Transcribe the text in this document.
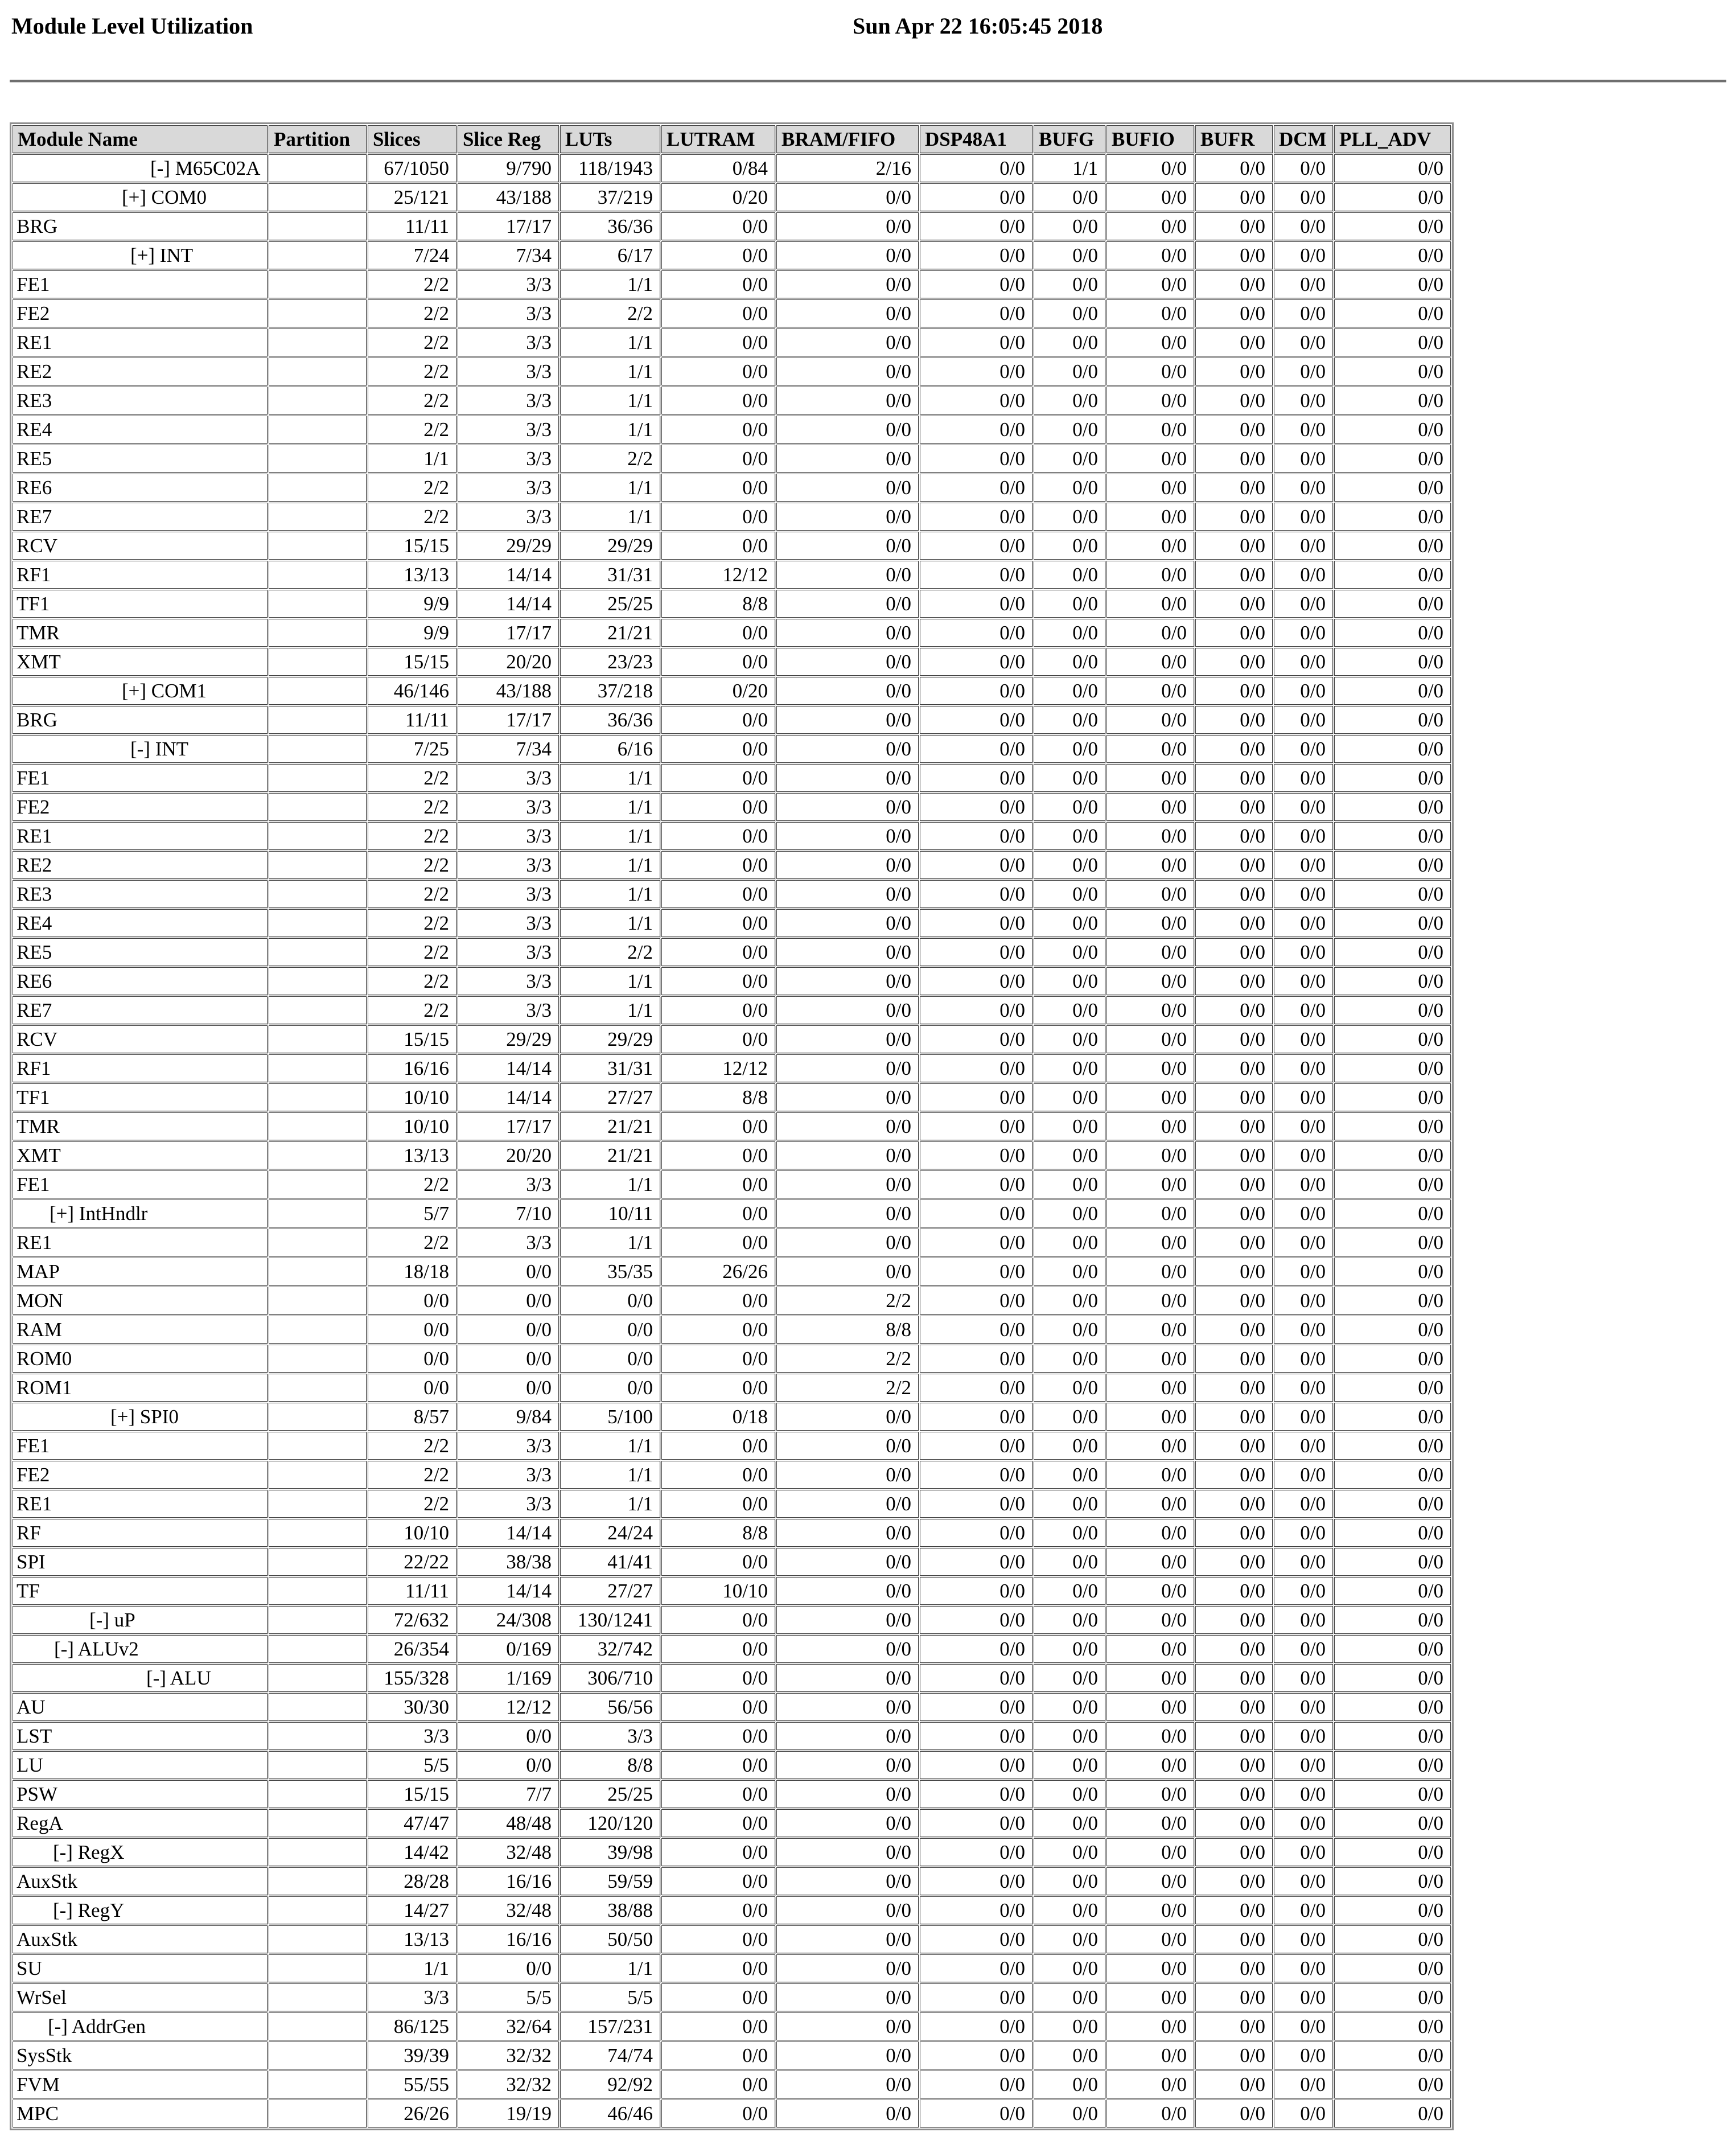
Module Level Utilization	Sun Apr 22 16:05:45 2018
Module Name	Partition	Slices	Slice Reg	LUTs	LUTRAM	BRAM/FIFO	DSP48A1	BUFG	BUFIO	BUFR	DCM	PLL_ADV
[-] M65C02A		67/1050	9/790	118/1943	0/84	2/16	0/0	1/1	0/0	0/0	0/0	0/0
[+] COM0		25/121	43/188	37/219	0/20	0/0	0/0	0/0	0/0	0/0	0/0	0/0
BRG		11/11	17/17	36/36	0/0	0/0	0/0	0/0	0/0	0/0	0/0	0/0
[+] INT		7/24	7/34	6/17	0/0	0/0	0/0	0/0	0/0	0/0	0/0	0/0
FE1		2/2	3/3	1/1	0/0	0/0	0/0	0/0	0/0	0/0	0/0	0/0
FE2		2/2	3/3	2/2	0/0	0/0	0/0	0/0	0/0	0/0	0/0	0/0
RE1		2/2	3/3	1/1	0/0	0/0	0/0	0/0	0/0	0/0	0/0	0/0
RE2		2/2	3/3	1/1	0/0	0/0	0/0	0/0	0/0	0/0	0/0	0/0
RE3		2/2	3/3	1/1	0/0	0/0	0/0	0/0	0/0	0/0	0/0	0/0
RE4		2/2	3/3	1/1	0/0	0/0	0/0	0/0	0/0	0/0	0/0	0/0
RE5		1/1	3/3	2/2	0/0	0/0	0/0	0/0	0/0	0/0	0/0	0/0
RE6		2/2	3/3	1/1	0/0	0/0	0/0	0/0	0/0	0/0	0/0	0/0
RE7		2/2	3/3	1/1	0/0	0/0	0/0	0/0	0/0	0/0	0/0	0/0
RCV		15/15	29/29	29/29	0/0	0/0	0/0	0/0	0/0	0/0	0/0	0/0
RF1		13/13	14/14	31/31	12/12	0/0	0/0	0/0	0/0	0/0	0/0	0/0
TF1		9/9	14/14	25/25	8/8	0/0	0/0	0/0	0/0	0/0	0/0	0/0
TMR		9/9	17/17	21/21	0/0	0/0	0/0	0/0	0/0	0/0	0/0	0/0
XMT		15/15	20/20	23/23	0/0	0/0	0/0	0/0	0/0	0/0	0/0	0/0
[+] COM1		46/146	43/188	37/218	0/20	0/0	0/0	0/0	0/0	0/0	0/0	0/0
BRG		11/11	17/17	36/36	0/0	0/0	0/0	0/0	0/0	0/0	0/0	0/0
[-] INT		7/25	7/34	6/16	0/0	0/0	0/0	0/0	0/0	0/0	0/0	0/0
FE1		2/2	3/3	1/1	0/0	0/0	0/0	0/0	0/0	0/0	0/0	0/0
FE2		2/2	3/3	1/1	0/0	0/0	0/0	0/0	0/0	0/0	0/0	0/0
RE1		2/2	3/3	1/1	0/0	0/0	0/0	0/0	0/0	0/0	0/0	0/0
RE2		2/2	3/3	1/1	0/0	0/0	0/0	0/0	0/0	0/0	0/0	0/0
RE3		2/2	3/3	1/1	0/0	0/0	0/0	0/0	0/0	0/0	0/0	0/0
RE4		2/2	3/3	1/1	0/0	0/0	0/0	0/0	0/0	0/0	0/0	0/0
RE5		2/2	3/3	2/2	0/0	0/0	0/0	0/0	0/0	0/0	0/0	0/0
RE6		2/2	3/3	1/1	0/0	0/0	0/0	0/0	0/0	0/0	0/0	0/0
RE7		2/2	3/3	1/1	0/0	0/0	0/0	0/0	0/0	0/0	0/0	0/0
RCV		15/15	29/29	29/29	0/0	0/0	0/0	0/0	0/0	0/0	0/0	0/0
RF1		16/16	14/14	31/31	12/12	0/0	0/0	0/0	0/0	0/0	0/0	0/0
TF1		10/10	14/14	27/27	8/8	0/0	0/0	0/0	0/0	0/0	0/0	0/0
TMR		10/10	17/17	21/21	0/0	0/0	0/0	0/0	0/0	0/0	0/0	0/0
XMT		13/13	20/20	21/21	0/0	0/0	0/0	0/0	0/0	0/0	0/0	0/0
FE1		2/2	3/3	1/1	0/0	0/0	0/0	0/0	0/0	0/0	0/0	0/0
[+] IntHndlr		5/7	7/10	10/11	0/0	0/0	0/0	0/0	0/0	0/0	0/0	0/0
RE1		2/2	3/3	1/1	0/0	0/0	0/0	0/0	0/0	0/0	0/0	0/0
MAP		18/18	0/0	35/35	26/26	0/0	0/0	0/0	0/0	0/0	0/0	0/0
MON		0/0	0/0	0/0	0/0	2/2	0/0	0/0	0/0	0/0	0/0	0/0
RAM		0/0	0/0	0/0	0/0	8/8	0/0	0/0	0/0	0/0	0/0	0/0
ROM0		0/0	0/0	0/0	0/0	2/2	0/0	0/0	0/0	0/0	0/0	0/0
ROM1		0/0	0/0	0/0	0/0	2/2	0/0	0/0	0/0	0/0	0/0	0/0
[+] SPI0		8/57	9/84	5/100	0/18	0/0	0/0	0/0	0/0	0/0	0/0	0/0
FE1		2/2	3/3	1/1	0/0	0/0	0/0	0/0	0/0	0/0	0/0	0/0
FE2		2/2	3/3	1/1	0/0	0/0	0/0	0/0	0/0	0/0	0/0	0/0
RE1		2/2	3/3	1/1	0/0	0/0	0/0	0/0	0/0	0/0	0/0	0/0
RF		10/10	14/14	24/24	8/8	0/0	0/0	0/0	0/0	0/0	0/0	0/0
SPI		22/22	38/38	41/41	0/0	0/0	0/0	0/0	0/0	0/0	0/0	0/0
TF		11/11	14/14	27/27	10/10	0/0	0/0	0/0	0/0	0/0	0/0	0/0
[-] uP		72/632	24/308	130/1241	0/0	0/0	0/0	0/0	0/0	0/0	0/0	0/0
[-] ALUv2		26/354	0/169	32/742	0/0	0/0	0/0	0/0	0/0	0/0	0/0	0/0
[-] ALU		155/328	1/169	306/710	0/0	0/0	0/0	0/0	0/0	0/0	0/0	0/0
AU		30/30	12/12	56/56	0/0	0/0	0/0	0/0	0/0	0/0	0/0	0/0
LST		3/3	0/0	3/3	0/0	0/0	0/0	0/0	0/0	0/0	0/0	0/0
LU		5/5	0/0	8/8	0/0	0/0	0/0	0/0	0/0	0/0	0/0	0/0
PSW		15/15	7/7	25/25	0/0	0/0	0/0	0/0	0/0	0/0	0/0	0/0
RegA		47/47	48/48	120/120	0/0	0/0	0/0	0/0	0/0	0/0	0/0	0/0
[-] RegX		14/42	32/48	39/98	0/0	0/0	0/0	0/0	0/0	0/0	0/0	0/0
AuxStk		28/28	16/16	59/59	0/0	0/0	0/0	0/0	0/0	0/0	0/0	0/0
[-] RegY		14/27	32/48	38/88	0/0	0/0	0/0	0/0	0/0	0/0	0/0	0/0
AuxStk		13/13	16/16	50/50	0/0	0/0	0/0	0/0	0/0	0/0	0/0	0/0
SU		1/1	0/0	1/1	0/0	0/0	0/0	0/0	0/0	0/0	0/0	0/0
WrSel		3/3	5/5	5/5	0/0	0/0	0/0	0/0	0/0	0/0	0/0	0/0
[-] AddrGen		86/125	32/64	157/231	0/0	0/0	0/0	0/0	0/0	0/0	0/0	0/0
SysStk		39/39	32/32	74/74	0/0	0/0	0/0	0/0	0/0	0/0	0/0	0/0
FVM		55/55	32/32	92/92	0/0	0/0	0/0	0/0	0/0	0/0	0/0	0/0
MPC		26/26	19/19	46/46	0/0	0/0	0/0	0/0	0/0	0/0	0/0	0/0
